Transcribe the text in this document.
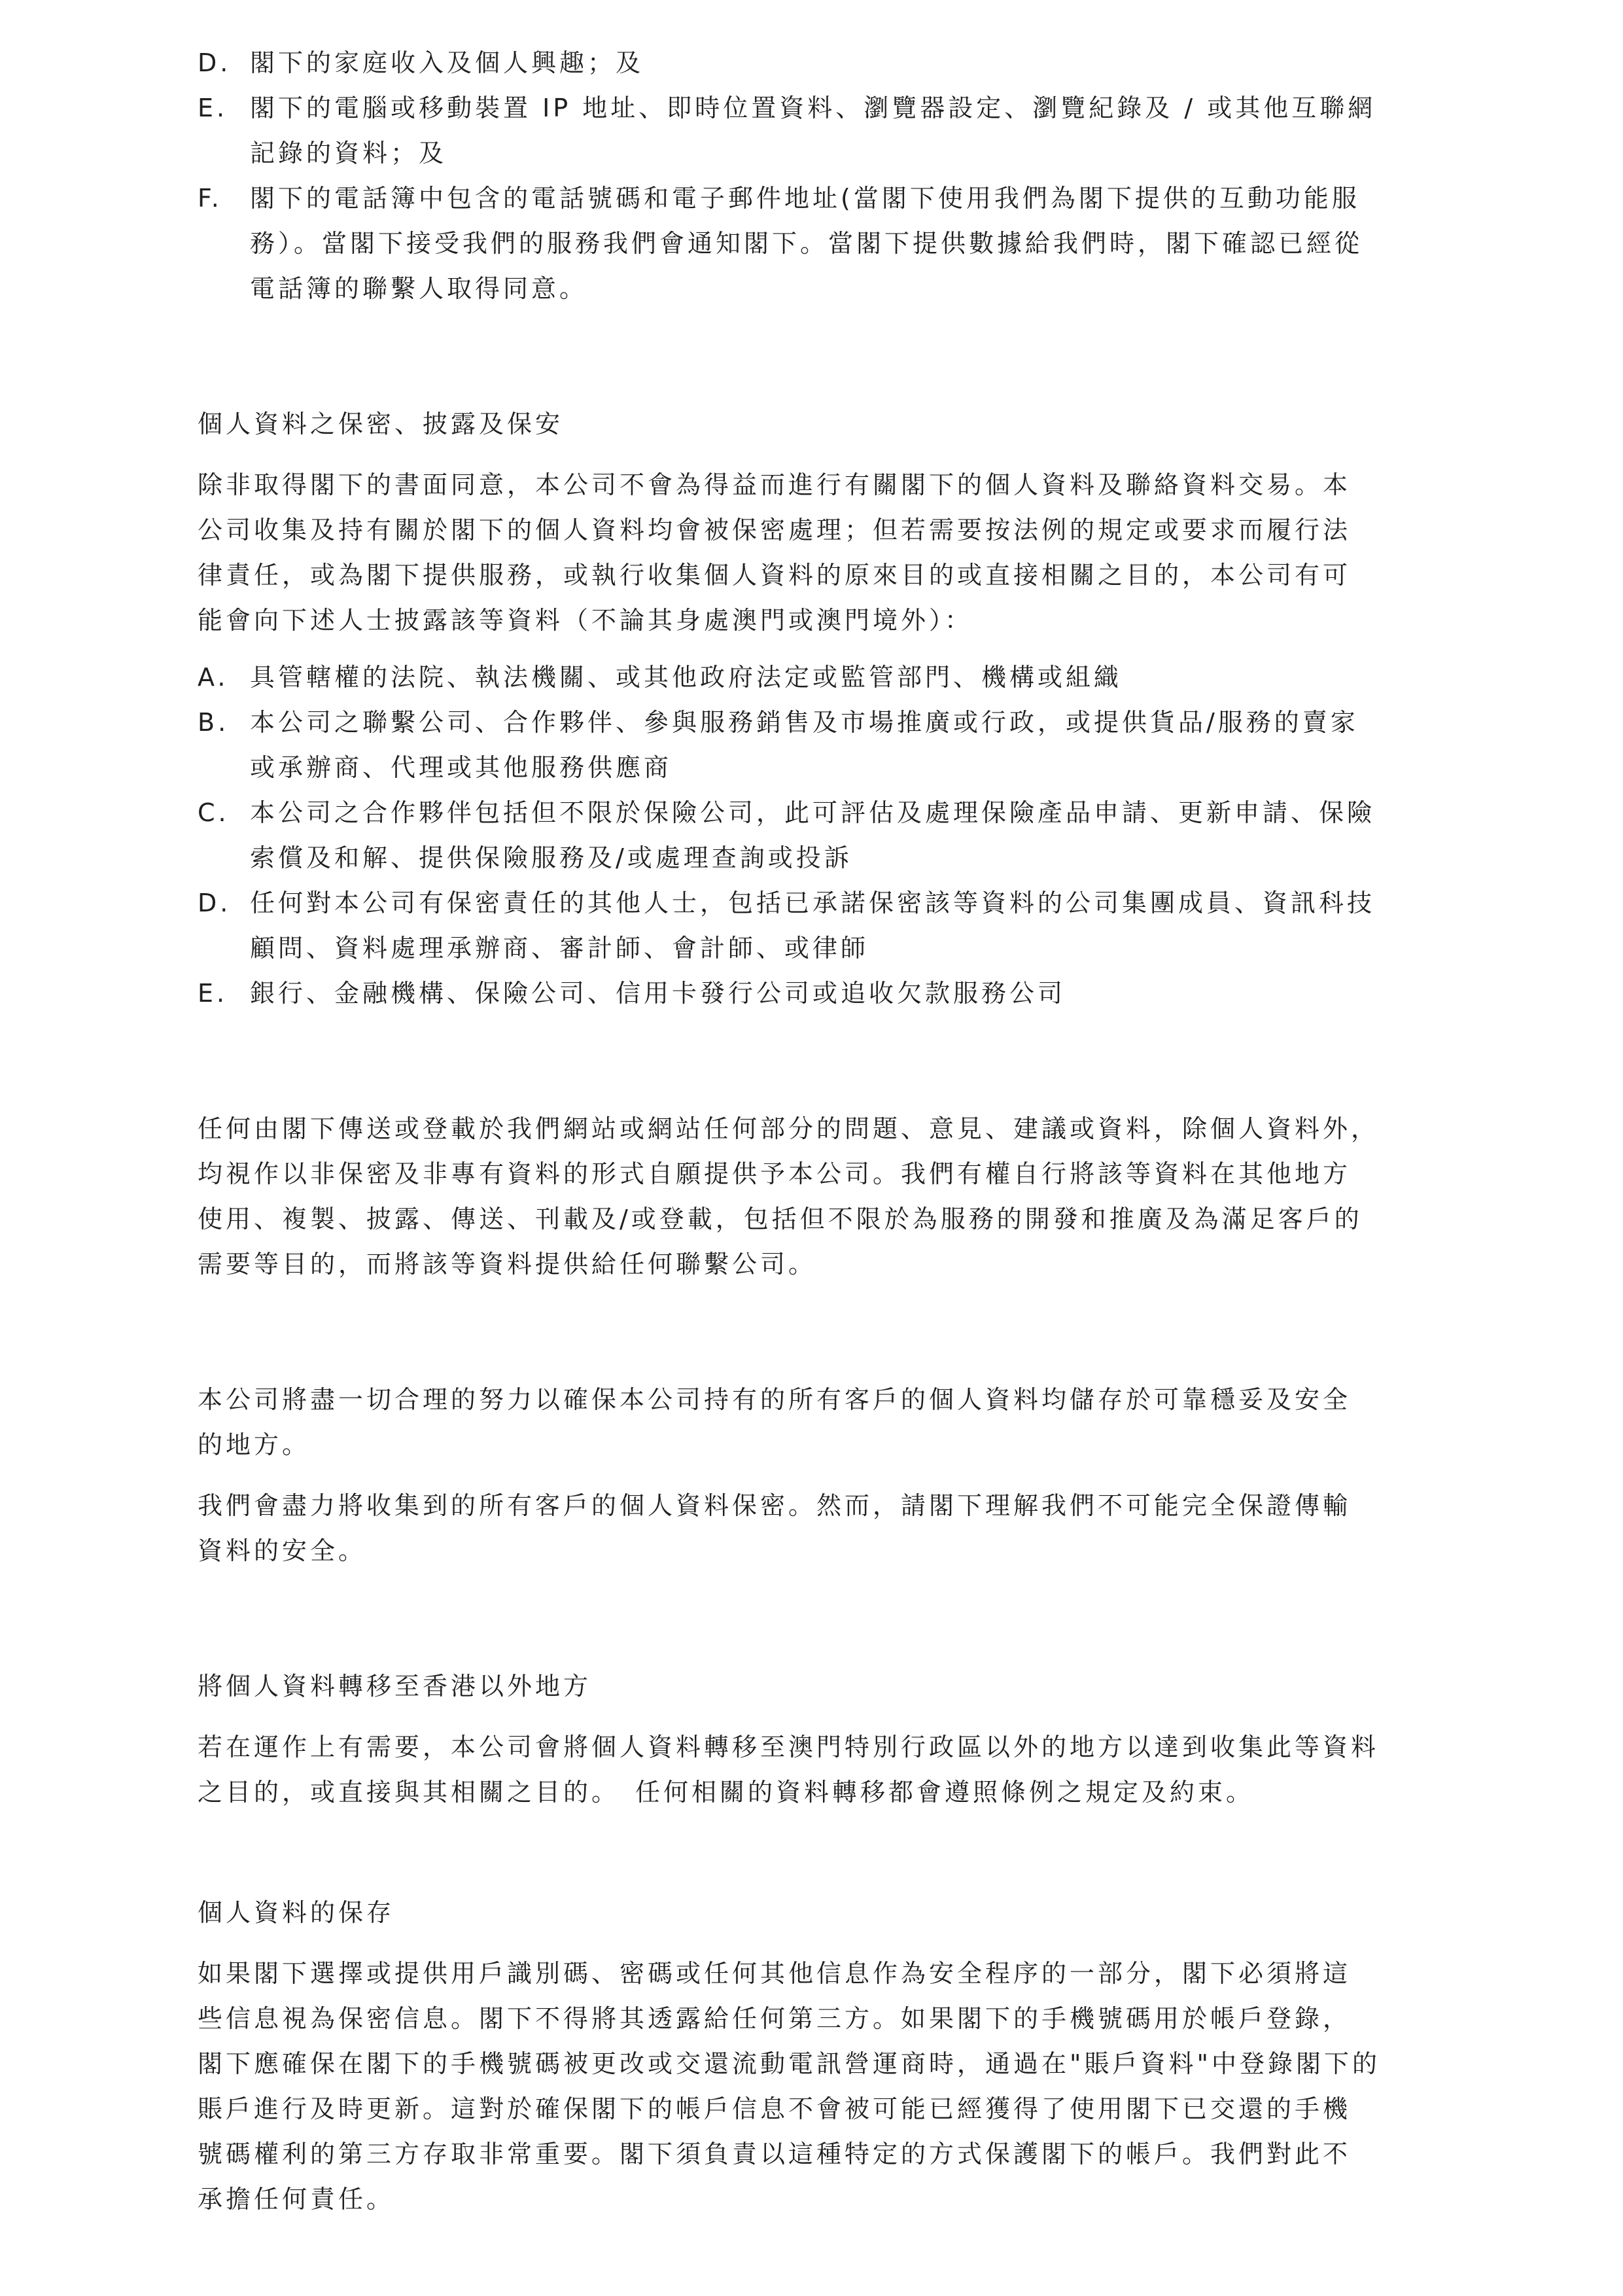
D. 閣下的家庭收入及個人興趣；及
E. 閣下的電腦或移動裝置 IP 地址、即時位置資料、瀏覽器設定、瀏覽紀錄及 / 或其他互聯網
記錄的資料；及
F.	閣下的電話簿中包含的電話號碼和電子郵件地址(當閣下使用我們為閣下提供的互動功能服
務）。當閣下接受我們的服務我們會通知閣下。當閣下提供數據給我們時，閣下確認已經從
電話簿的聯繫人取得同意。
個人資料之保密、披露及保安
除非取得閣下的書面同意，本公司不會為得益而進行有關閣下的個人資料及聯絡資料交易。本
公司收集及持有關於閣下的個人資料均會被保密處理；但若需要按法例的規定或要求而履行法
律責任，或為閣下提供服務，或執行收集個人資料的原來目的或直接相關之目的，本公司有可
能會向下述人士披露該等資料（不論其身處澳門或澳門境外）：
A. 具管轄權的法院、執法機關、或其他政府法定或監管部門、機構或組織
B. 本公司之聯繫公司、合作夥伴、參與服務銷售及市場推廣或行政，或提供貨品/服務的賣家
或承辦商、代理或其他服務供應商
C. 本公司之合作夥伴包括但不限於保險公司，此可評估及處理保險產品申請、更新申請、保險
索償及和解、提供保險服務及/或處理查詢或投訴
D. 任何對本公司有保密責任的其他人士，包括已承諾保密該等資料的公司集團成員、資訊科技
顧問、資料處理承辦商、審計師、會計師、或律師
E. 銀行、金融機構、保險公司、信用卡發行公司或追收欠款服務公司
任何由閣下傳送或登載於我們網站或網站任何部分的問題、意見、建議或資料，除個人資料外，
均視作以非保密及非專有資料的形式自願提供予本公司。我們有權自行將該等資料在其他地方
使用、複製、披露、傳送、刊載及/或登載，包括但不限於為服務的開發和推廣及為滿足客戶的
需要等目的，而將該等資料提供給任何聯繫公司。
本公司將盡一切合理的努力以確保本公司持有的所有客戶的個人資料均儲存於可靠穩妥及安全
的地方。
我們會盡力將收集到的所有客戶的個人資料保密。然而，請閣下理解我們不可能完全保證傳輸
資料的安全。
將個人資料轉移至香港以外地方
若在運作上有需要，本公司會將個人資料轉移至澳門特別行政區以外的地方以達到收集此等資料
之目的，或直接與其相關之目的。　任何相關的資料轉移都會遵照條例之規定及約束。
個人資料的保存
如果閣下選擇或提供用戶識別碼、密碼或任何其他信息作為安全程序的一部分，閣下必須將這
些信息視為保密信息。閣下不得將其透露給任何第三方。如果閣下的手機號碼用於帳戶登錄，
閣下應確保在閣下的手機號碼被更改或交還流動電訊營運商時，通過在"賬戶資料"中登錄閣下的
賬戶進行及時更新。這對於確保閣下的帳戶信息不會被可能已經獲得了使用閣下已交還的手機
號碼權利的第三方存取非常重要。閣下須負責以這種特定的方式保護閣下的帳戶。我們對此不
承擔任何責任。
